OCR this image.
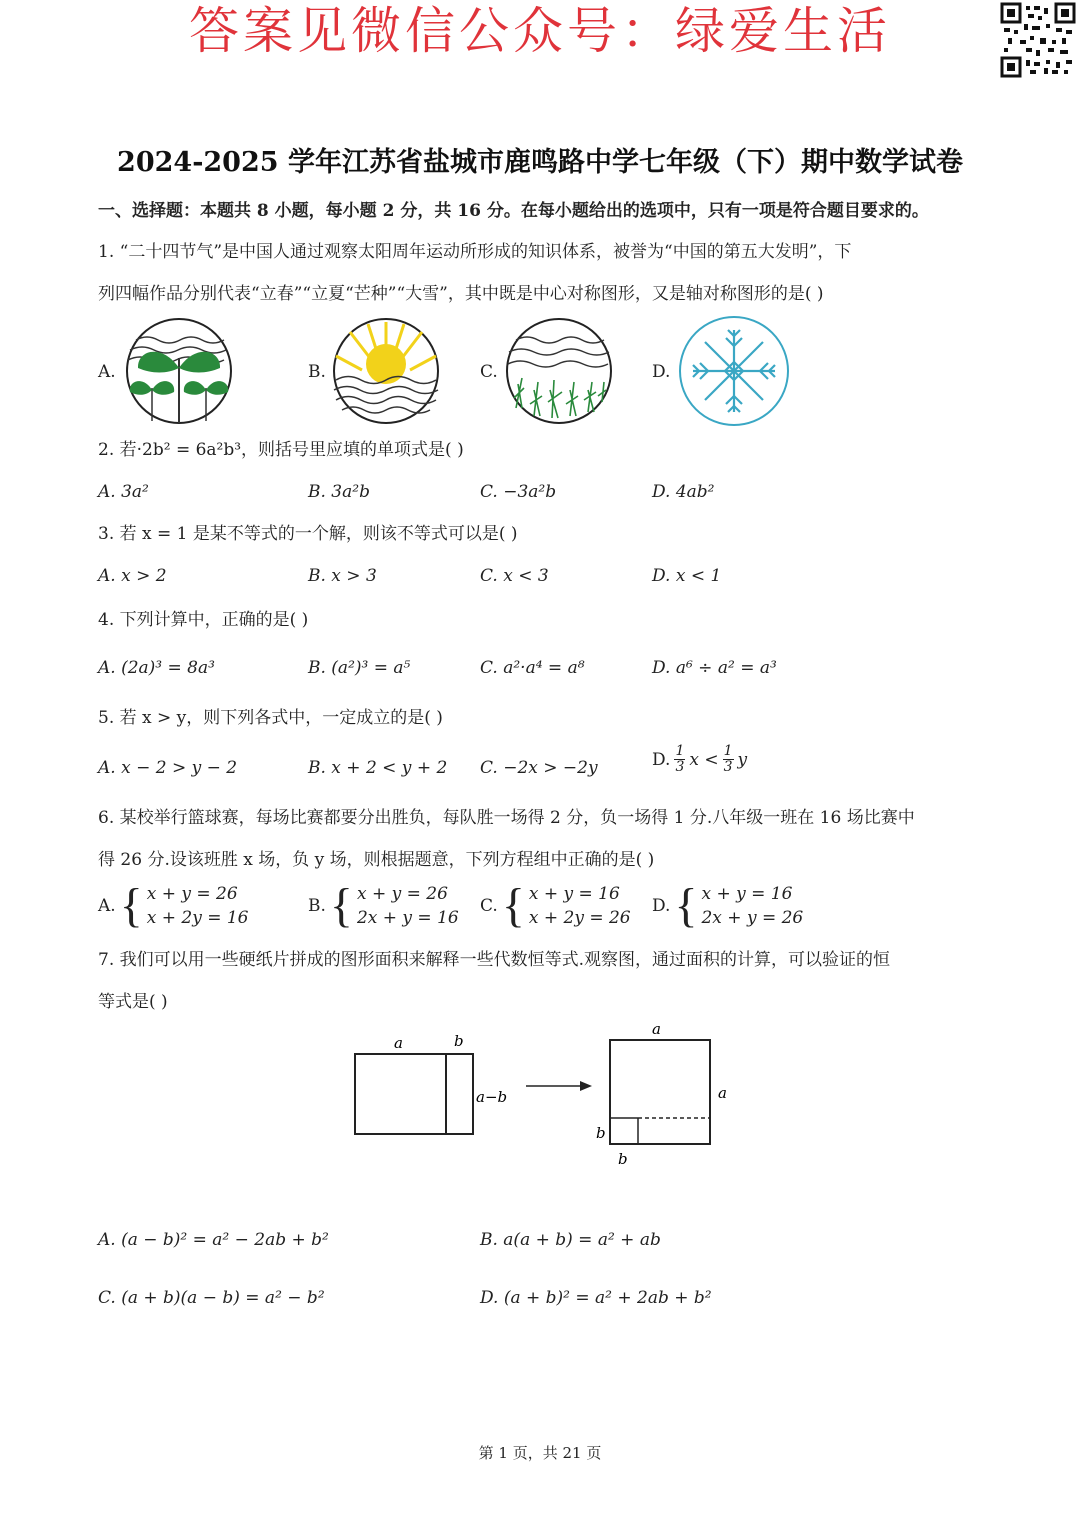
答案见微信公众号：绿爱生活
2024-2025 学年江苏省盐城市鹿鸣路中学七年级（下）期中数学试卷
一、选择题：本题共 8 小题，每小题 2 分，共 16 分。在每小题给出的选项中，只有一项是符合题目要求的。
1. “二十四节气”是中国人通过观察太阳周年运动所形成的知识体系，被誉为“中国的第五大发明”，下
列四幅作品分别代表“立春”“立夏“芒种”“大雪”，其中既是中心对称图形，又是轴对称图形的是( )
A.	B.	C.	D.
2. 若·2b² = 6a²b³，则括号里应填的单项式是( )
A. 3a²	B. 3a²b	C. −3a²b	D. 4ab²
3. 若 x = 1 是某不等式的一个解，则该不等式可以是( )
A. x > 2	B. x > 3	C. x < 3	D. x < 1
4. 下列计算中，正确的是( )
A. (2a)³ = 8a³	B. (a²)³ = a⁵	C. a²·a⁴ = a⁸	D. a⁶ ÷ a² = a³
5. 若 x > y，则下列各式中，一定成立的是( )
A. x − 2 > y − 2	B. x + 2 < y + 2 C. −2x > −2y	D. $\frac{1}{3}$ $x < \frac{1}{3}$ y
6. 某校举行篮球赛，每场比赛都要分出胜负，每队胜一场得 2 分，负一场得 1 分.八年级一班在 16 场比赛中
得 26 分.设该班胜 x 场，负 y 场，则根据题意，下列方程组中正确的是( )
A. { x + y = 26
x + 2y = 16
B. { x + y = 26
2x + y = 16
C. { x + y = 16
x + 2y = 26
D. { x + y = 16
2x + y = 26
7. 我们可以用一些硬纸片拼成的图形面积来解释一些代数恒等式.观察图，通过面积的计算，可以验证的恒
等式是( )
a	b
a−b
a
a
b
b
A. (a − b)² = a² − 2ab + b²	B. a(a + b) = a² + ab
C. (a + b)(a − b) = a² − b²	D. (a + b)² = a² + 2ab + b²
第 1 页，共 21 页
